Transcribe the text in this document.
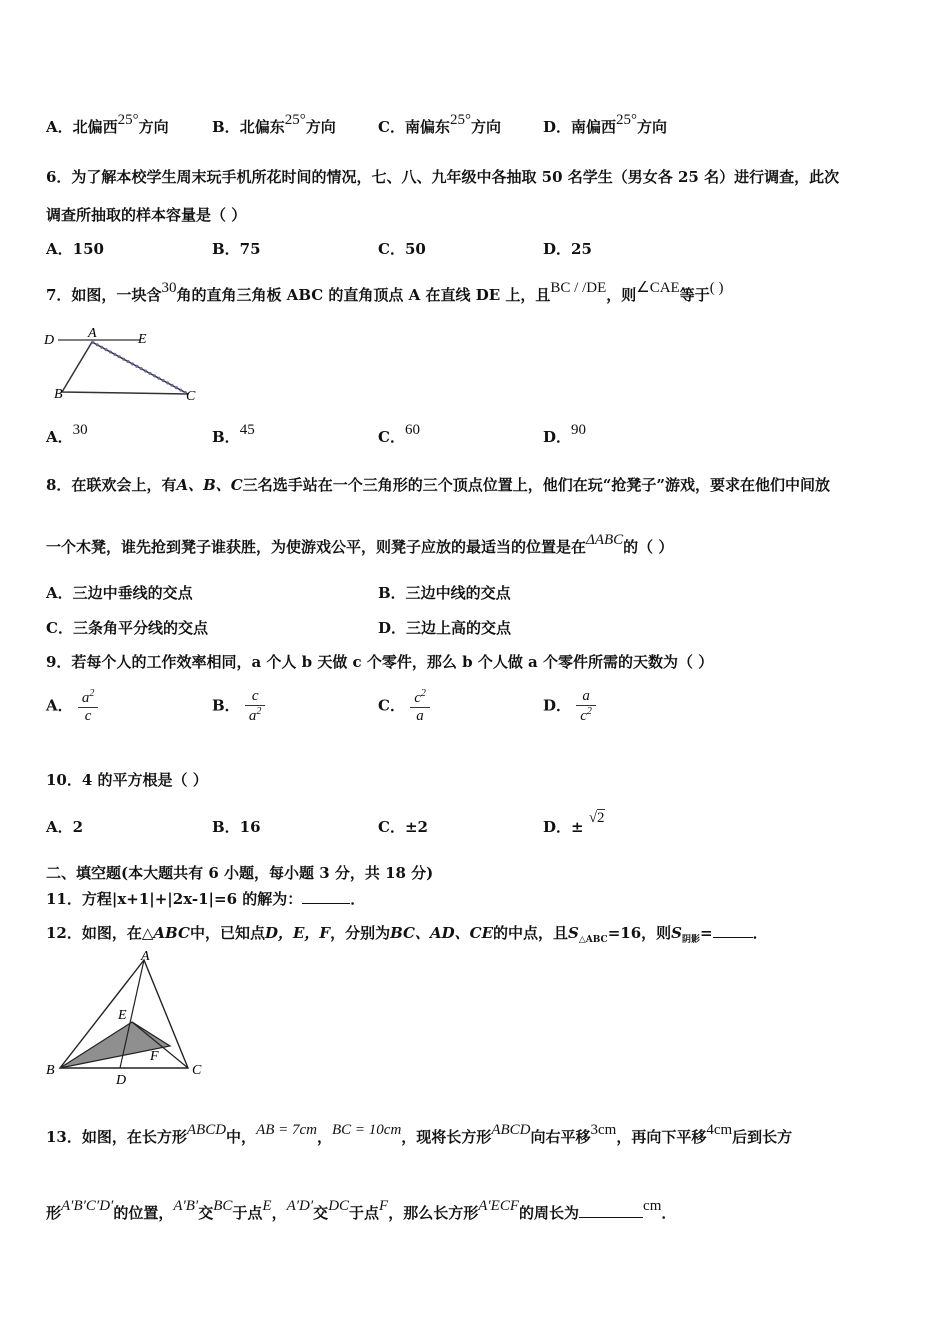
A．北偏西25°方向	B．北偏东25°方向	C．南偏东25°方向	D．南偏西25°方向
6．为了解本校学生周末玩手机所花时间的情况，七、八、九年级中各抽取 50 名学生（男女各 25 名）进行调查，此次
调查所抽取的样本容量是（ ）
A．150	B．75	C．50	D．25
7．如图，一块含30角的直角三角板 ABC 的直角顶点 A 在直线 DE 上，且BC / /DE，则∠CAE等于( )
D A	E
B	C
A．30	B．45	C．60	D．90
8．在联欢会上，有A、B、C三名选手站在一个三角形的三个顶点位置上，他们在玩“抢凳子”游戏，要求在他们中间放
一个木凳，谁先抢到凳子谁获胜，为使游戏公平，则凳子应放的最适当的位置是在ΔABC的（ ）
A．三边中垂线的交点	B．三边中线的交点
C．三条角平分线的交点	D．三边上高的交点
9．若每个人的工作效率相同，a 个人 b 天做 c 个零件，那么 b 个人做 a 个零件所需的天数为（ ）
A． $\frac{a^2}{c}$	B． $\frac{c}{a^2}$	C． $\frac{c^2}{a}$	D． $\frac{a}{c^2}$
10．4 的平方根是（ ）
A．2	B．16	C．±2	D．± √2
二、填空题(本大题共有 6 小题，每小题 3 分，共 18 分)
11．方程|x+1|+|2x-1|=6 的解为：	．
12．如图，在△ABC中，已知点D，E，F，分别为BC、AD、CE的中点，且$S_{\triangle ABC}=16$，则$S_{阴影}=$	．
A
B	C
D
E
F
13．如图，在长方形ABCD中，AB = 7cm，BC = 10cm，现将长方形ABCD向右平移3cm，再向下平移4cm后到长方
形A′B′C′D′的位置，A′B′交BC于点E，A′D′交DC于点F，那么长方形A′ECF的周长为	cm．
